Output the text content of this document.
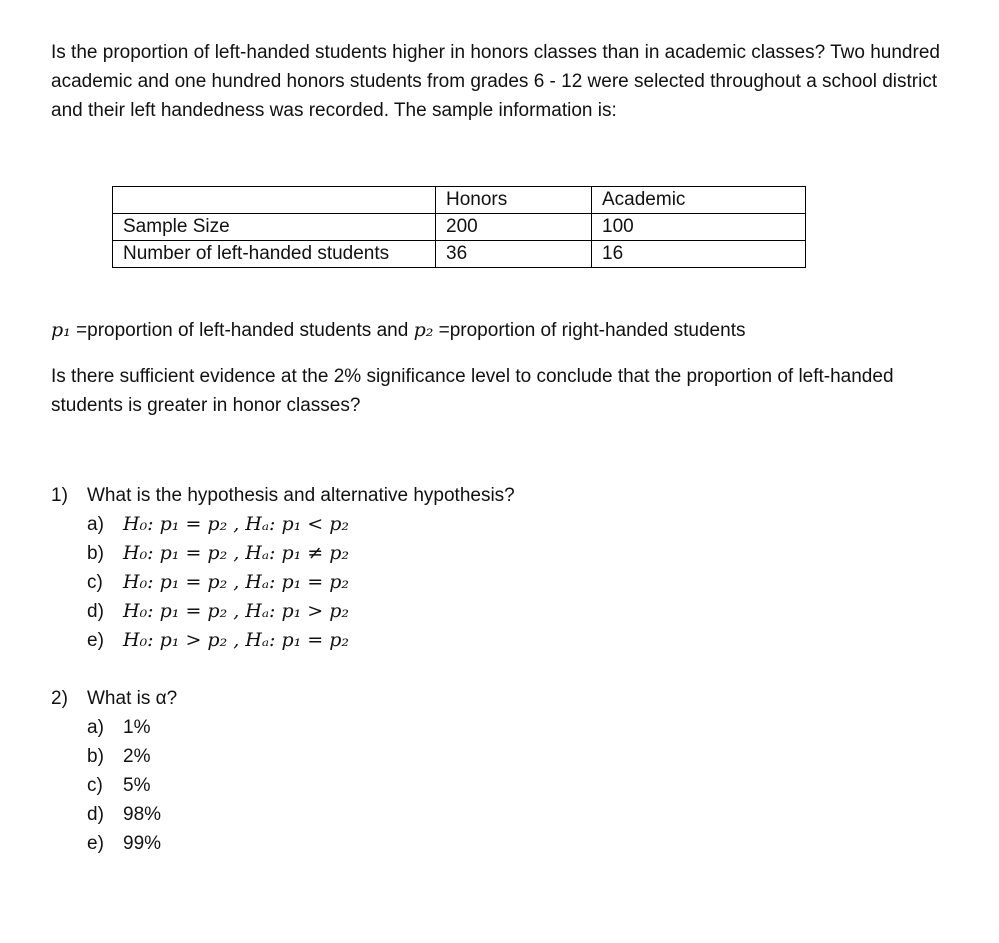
Is the proportion of left-handed students higher in honors classes than in academic classes? Two hundred academic and one hundred honors students from grades 6 - 12 were selected throughout a school district and their left handedness was recorded. The sample information is:

	Honors	Academic
Sample Size	200	100
Number of left-handed students	36	16

p₁ =proportion of left-handed students and p₂ =proportion of right-handed students

Is there sufficient evidence at the 2% significance level to conclude that the proportion of left-handed students is greater in honor classes?

1) What is the hypothesis and alternative hypothesis?
a) H₀: p₁ = p₂ , Hₐ: p₁ < p₂
b) H₀: p₁ = p₂ , Hₐ: p₁ ≠ p₂
c) H₀: p₁ = p₂ , Hₐ: p₁ = p₂
d) H₀: p₁ = p₂ , Hₐ: p₁ > p₂
e) H₀: p₁ > p₂ , Hₐ: p₁ = p₂
2) What is α?
a) 1%
b) 2%
c) 5%
d) 98%
e) 99%
